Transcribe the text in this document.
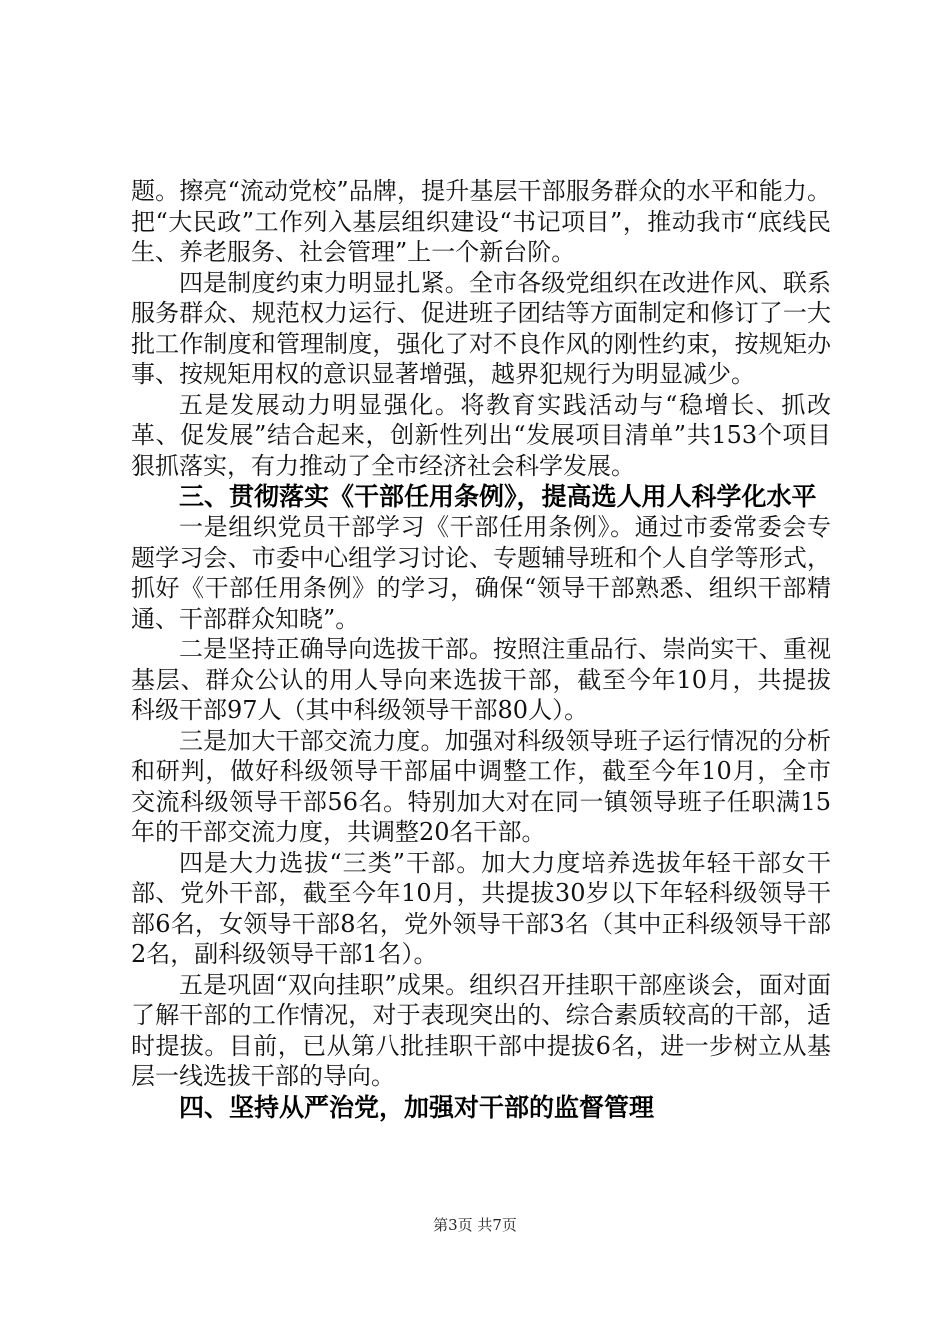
题。擦亮“流动党校”品牌，提升基层干部服务群众的水平和能力。把“大民政”工作列入基层组织建设“书记项目”，推动我市“底线民生、养老服务、社会管理”上一个新台阶。

四是制度约束力明显扎紧。全市各级党组织在改进作风、联系服务群众、规范权力运行、促进班子团结等方面制定和修订了一大批工作制度和管理制度，强化了对不良作风的刚性约束，按规矩办事、按规矩用权的意识显著增强，越界犯规行为明显减少。

五是发展动力明显强化。将教育实践活动与“稳增长、抓改革、促发展”结合起来，创新性列出“发展项目清单”共153个项目狠抓落实，有力推动了全市经济社会科学发展。

三、贯彻落实《干部任用条例》，提高选人用人科学化水平

一是组织党员干部学习《干部任用条例》。通过市委常委会专题学习会、市委中心组学习讨论、专题辅导班和个人自学等形式，抓好《干部任用条例》的学习，确保“领导干部熟悉、组织干部精通、干部群众知晓”。

二是坚持正确导向选拔干部。按照注重品行、崇尚实干、重视基层、群众公认的用人导向来选拔干部，截至今年10月，共提拔科级干部97人（其中科级领导干部80人）。

三是加大干部交流力度。加强对科级领导班子运行情况的分析和研判，做好科级领导干部届中调整工作，截至今年10月，全市交流科级领导干部56名。特别加大对在同一镇领导班子任职满15年的干部交流力度，共调整20名干部。

四是大力选拔“三类”干部。加大力度培养选拔年轻干部女干部、党外干部，截至今年10月，共提拔30岁以下年轻科级领导干部6名，女领导干部8名，党外领导干部3名（其中正科级领导干部2名，副科级领导干部1名）。

五是巩固“双向挂职”成果。组织召开挂职干部座谈会，面对面了解干部的工作情况，对于表现突出的、综合素质较高的干部，适时提拔。目前，已从第八批挂职干部中提拔6名，进一步树立从基层一线选拔干部的导向。

四、坚持从严治党，加强对干部的监督管理
第3页 共7页
